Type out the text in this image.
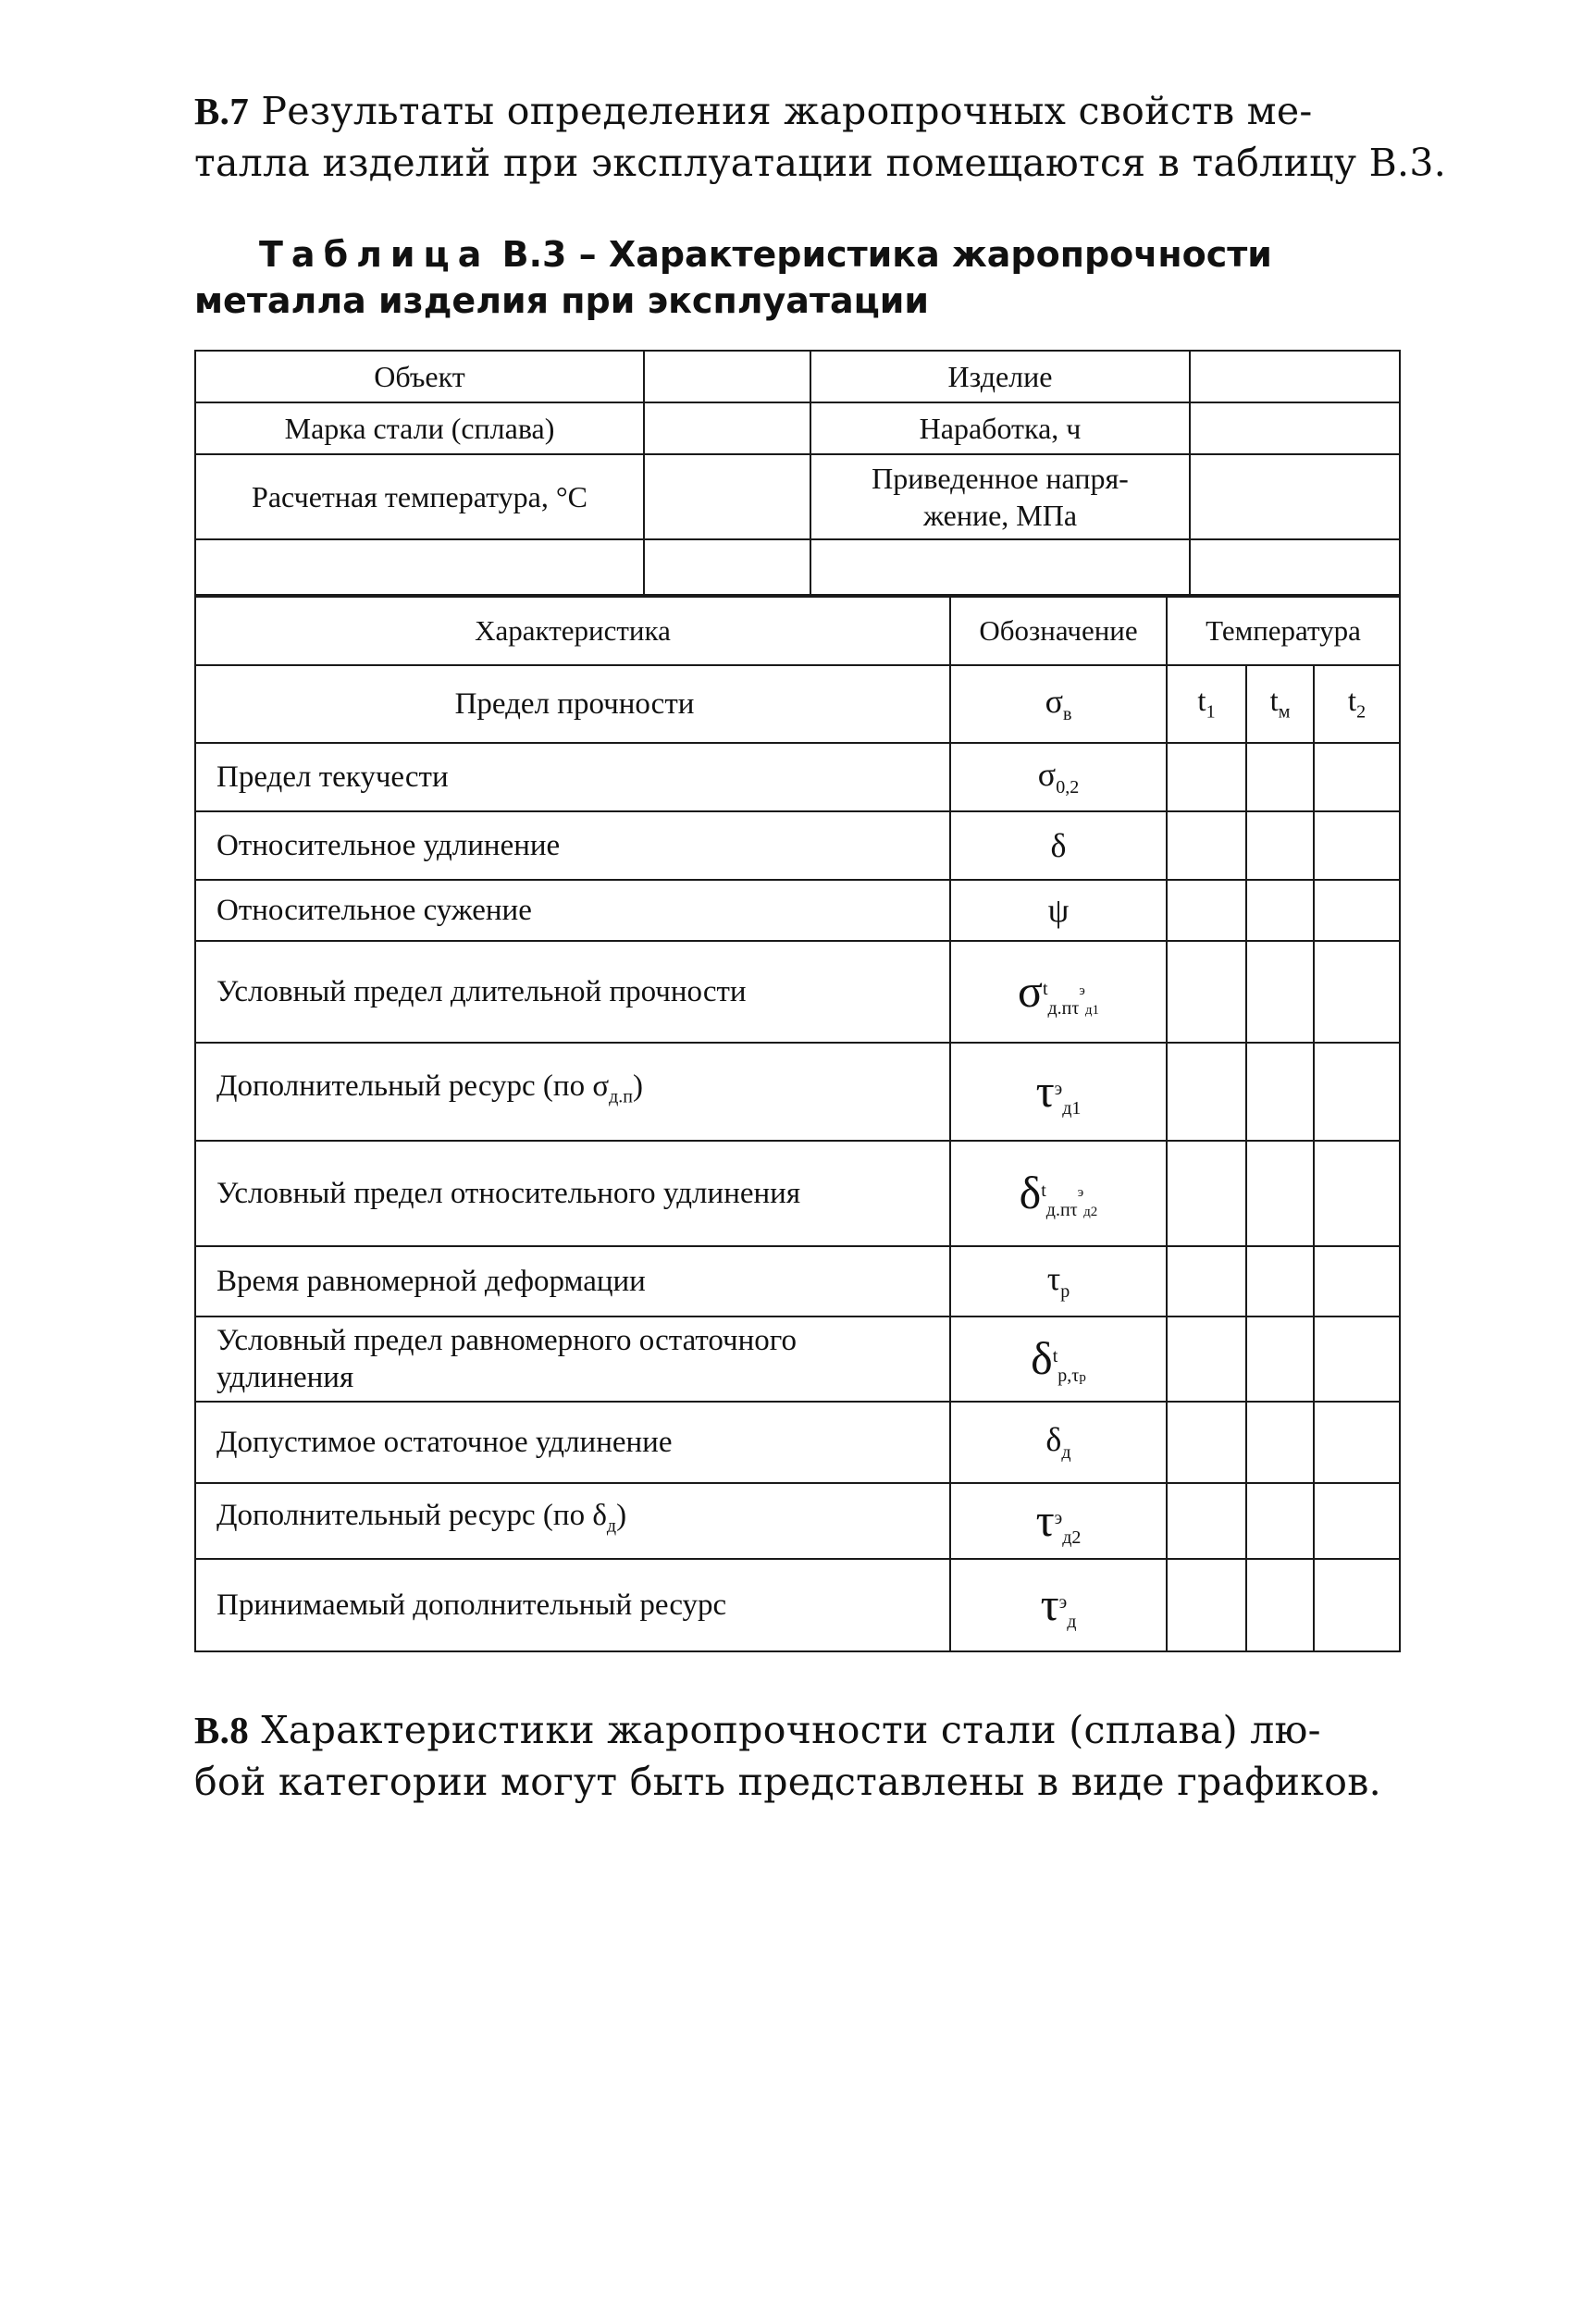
В.7 Результаты определения жаропрочных свойств ме-
талла изделий при эксплуатации помещаются в таблицу В.3.
Таблица В.3 – Характеристика жаропрочности
металла изделия при эксплуатации
Объект		Изделие	
Марка стали (сплава)		Наработка, ч	
Расчетная температура, °С		Приведенное напря-
жение, МПа	

Характеристика	Обозначение	Температура		
Предел прочности	$\sigma_в$	$t_1$	$t_м$	$t_2$
Предел текучести	$\sigma_{0,2}$			
Относительное удлинение	δ			
Относительное сужение	ψ			
Условный предел длительной прочности	$\sigma^t_{д.п\tau}^э_{д1}$			
Дополнительный ресурс (по $\sigma_{д.п}$)	$\tau^э_{д1}$			
Условный предел относительного удлинения	$\delta^t_{д.п\tau}^э_{д2}$			
Время равномерной деформации	$\tau_р$			
Условный предел равномерного остаточного
удлинения	$\delta^t_{р,\tau р}$			
Допустимое остаточное удлинение	$\delta_д$			
Дополнительный ресурс (по $\delta_д$)	$\tau^э_{д2}$			
Принимаемый дополнительный ресурс	$\tau^э_д$			
В.8 Характеристики жаропрочности стали (сплава) лю-
бой категории могут быть представлены в виде графиков.
